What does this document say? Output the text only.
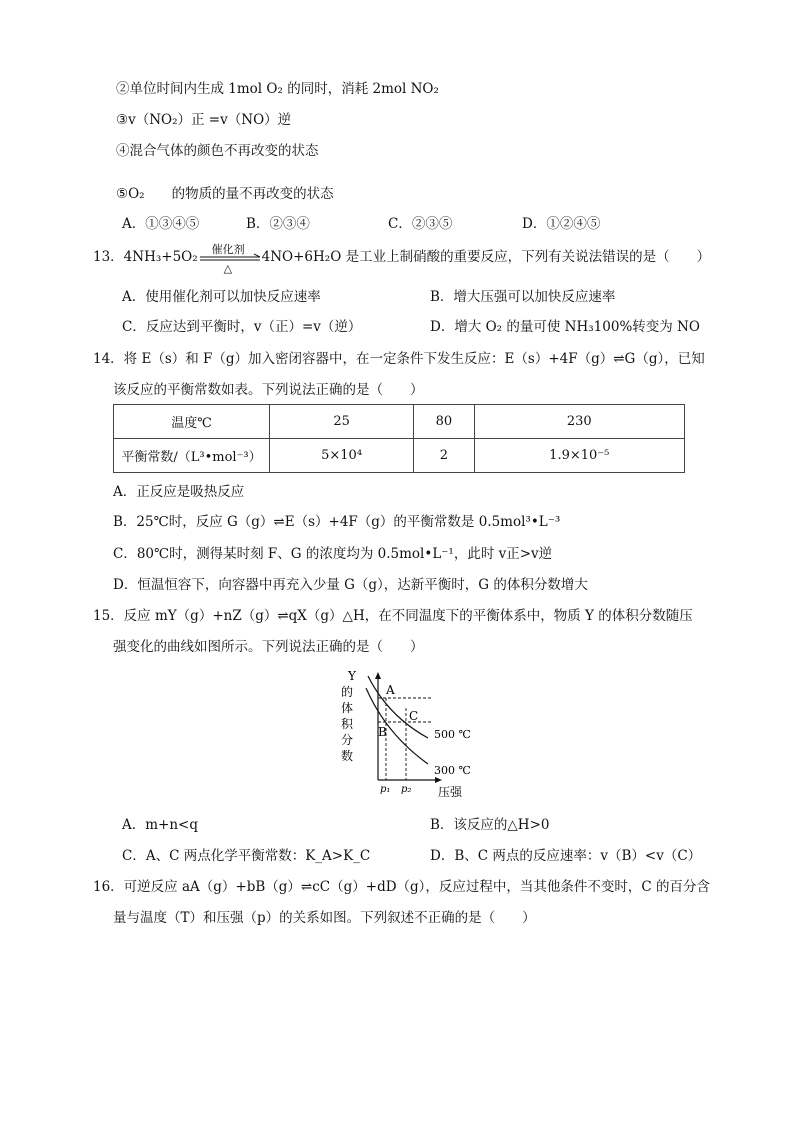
②单位时间内生成 1mol O₂ 的同时，消耗 2mol NO₂
③v（NO₂）正 =v（NO）逆
④混合气体的颜色不再改变的状态
⑤O₂　　的物质的量不再改变的状态
A．①③④⑤	B．②③④	C．②③⑤	D．①②④⑤
13．4NH₃+5O₂ 催化剂
△
4NO+6H₂O 是工业上制硝酸的重要反应，下列有关说法错误的是（　　）
A．使用催化剂可以加快反应速率	B．增大压强可以加快反应速率
C．反应达到平衡时，v（正）=v（逆）	D．增大 O₂ 的量可使 NH₃100%转变为 NO
14．将 E（s）和 F（g）加入密闭容器中，在一定条件下发生反应：E（s）+4F（g）⇌G（g），已知
该反应的平衡常数如表。下列说法正确的是（　　）
温度℃	25	80	230
平衡常数/（L³•mol⁻³）	5×10⁴	2	1.9×10⁻⁵
A．正反应是吸热反应
B．25℃时，反应 G（g）⇌E（s）+4F（g）的平衡常数是 0.5mol³•L⁻³
C．80℃时，测得某时刻 F、G 的浓度均为 0.5mol•L⁻¹，此时 v正>v逆
D．恒温恒容下，向容器中再充入少量 G（g），达新平衡时，G 的体积分数增大
15．反应 mY（g）+nZ（g）⇌qX（g）△H，在不同温度下的平衡体系中，物质 Y 的体积分数随压
强变化的曲线如图所示。下列说法正确的是（　　）
Y
的
体
积
分
数
A
B
C
500 ℃
300 ℃
p₁ p₂ 压强
A．m+n<q	B．该反应的△H>0
C．A、C 两点化学平衡常数：K_A>K_C	D．B、C 两点的反应速率：v（B）<v（C）
16．可逆反应 aA（g）+bB（g）⇌cC（g）+dD（g），反应过程中，当其他条件不变时，C 的百分含
量与温度（T）和压强（p）的关系如图。下列叙述不正确的是（　　）
